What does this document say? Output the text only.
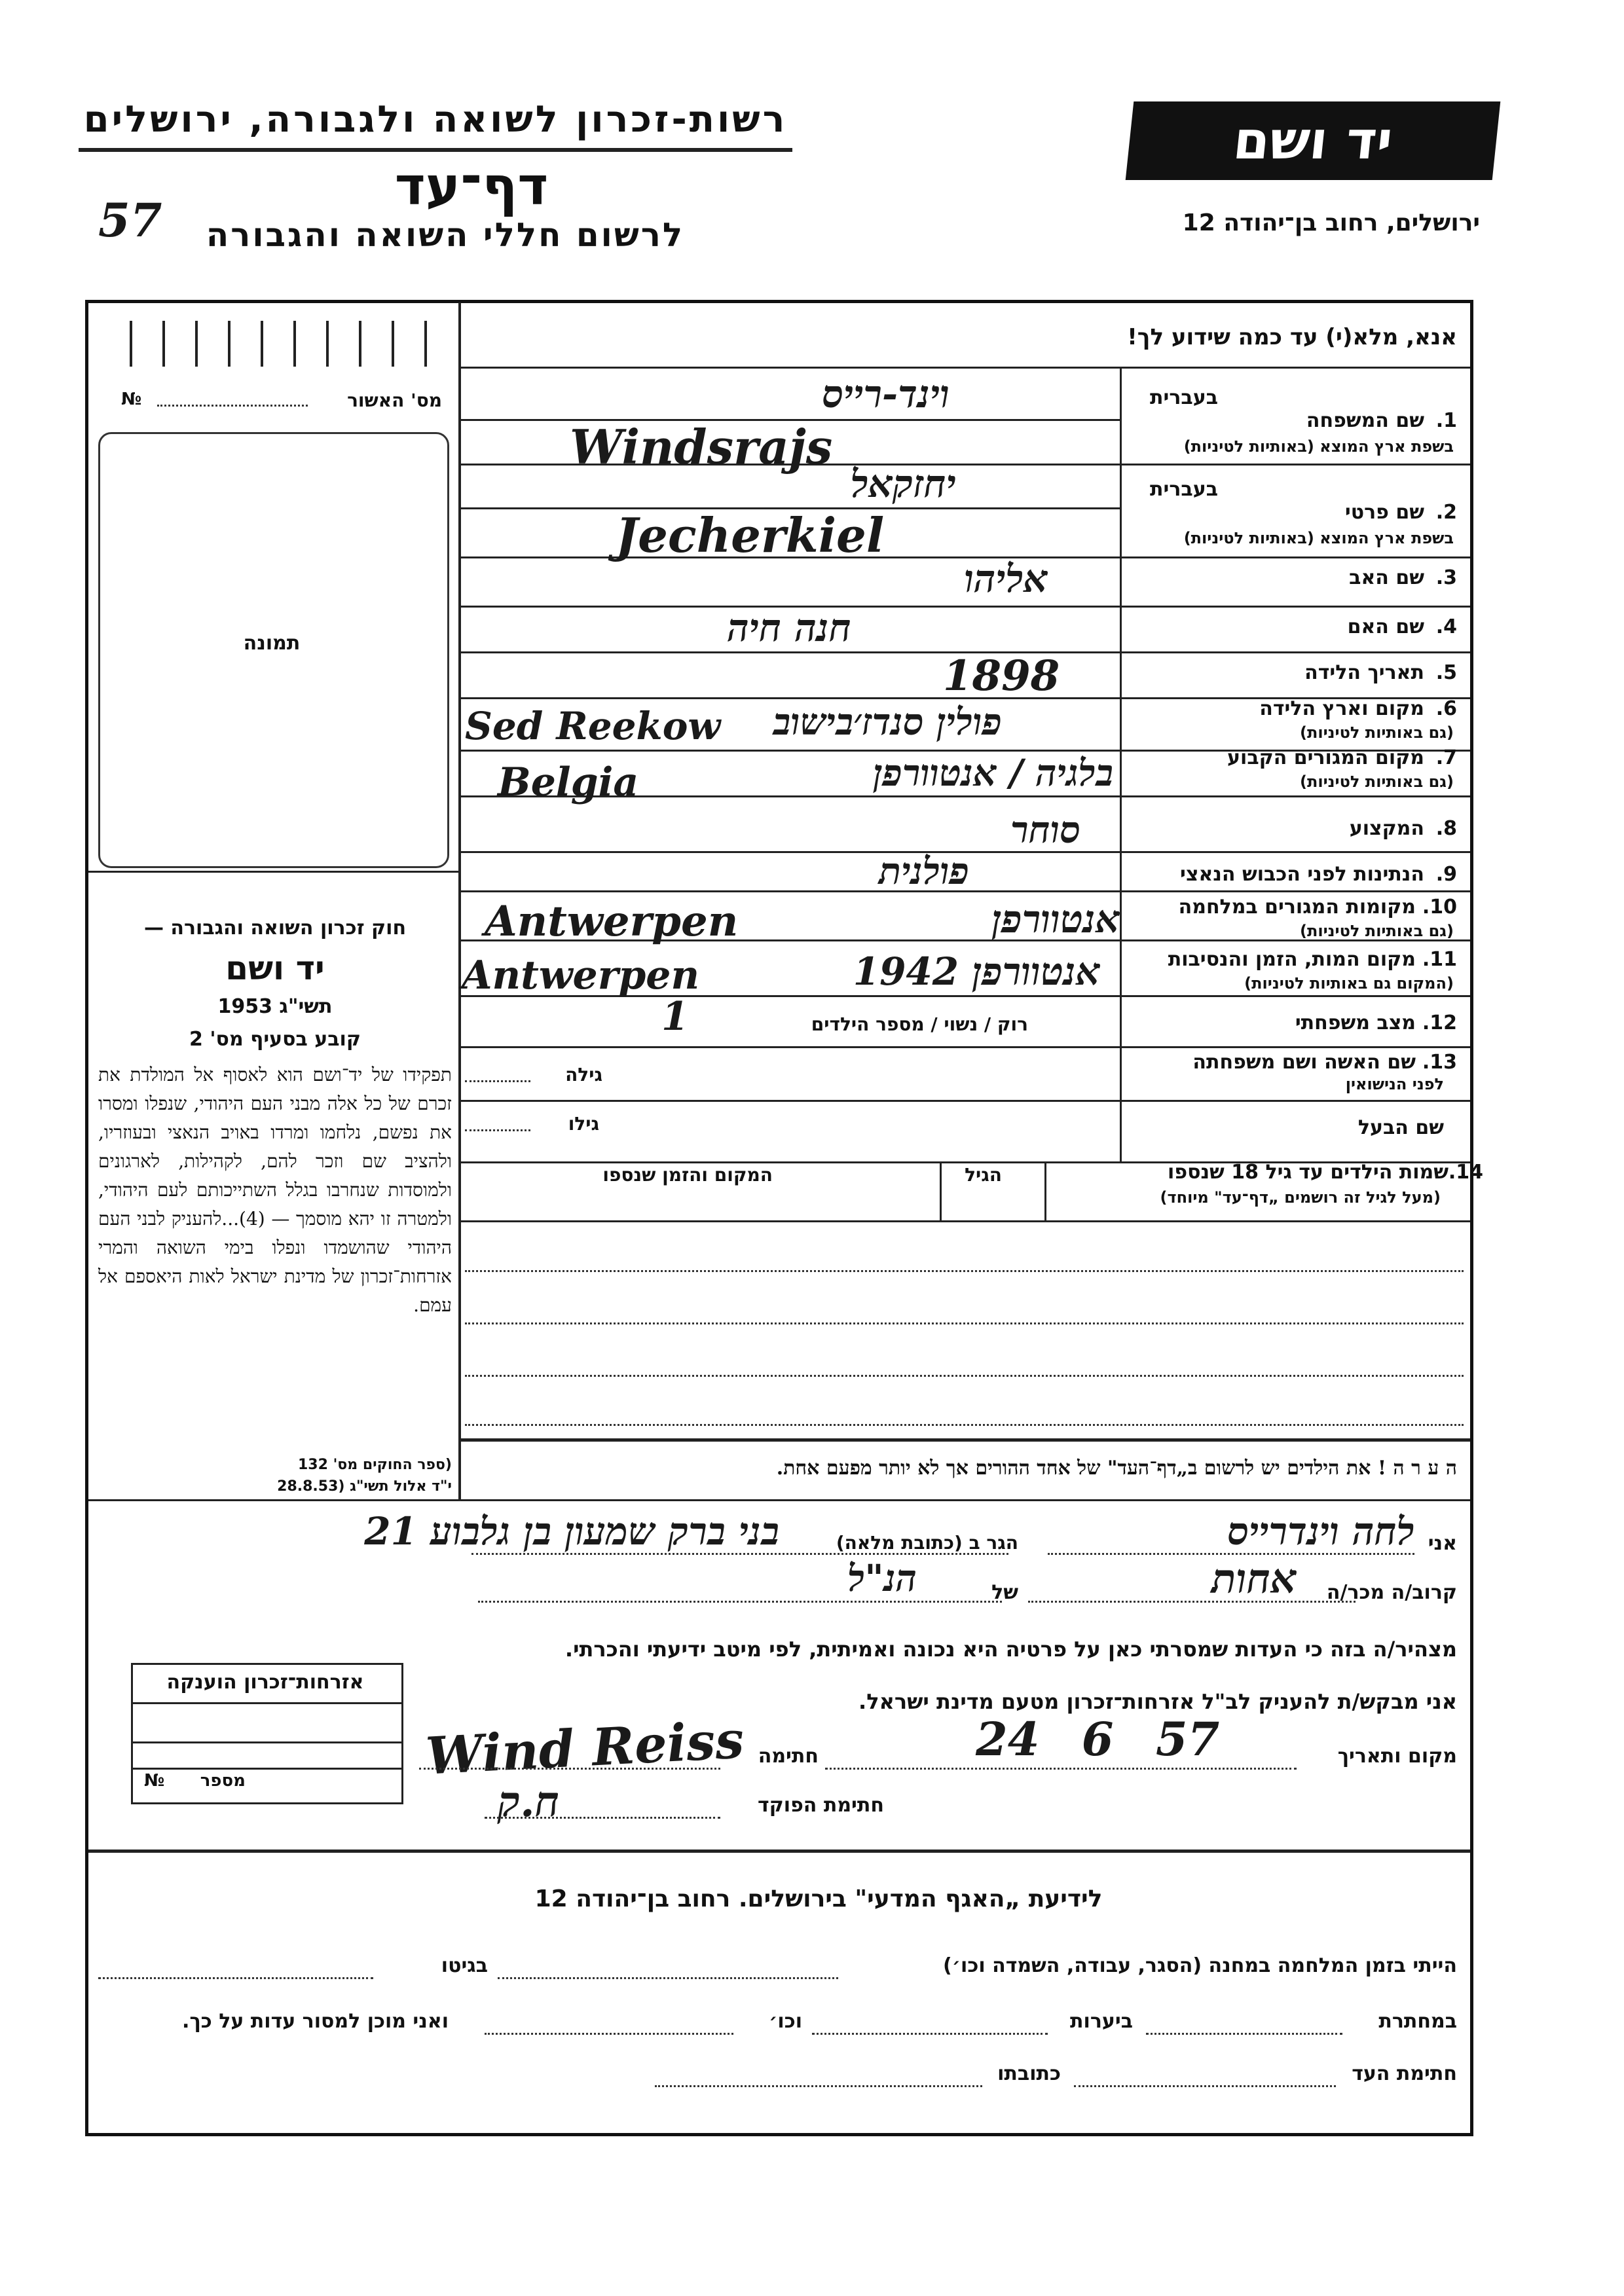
רשות-זכרון לשואה ולגבורה, ירושלים
דף־עד
לרשום חללי השואה והגבורה
57
יד ושם
ירושלים, רחוב בן־יהודה 12
אנא, מלא(י) עד כמה שידוע לך!
מס' האשור
№
תמונה
בעברית
1.
שם המשפחה
בשפת ארץ המוצא (באותיות לטיניות)
וינד-רייס
Windsrajs
בעברית
2.
שם פרטי
בשפת ארץ המוצא (באותיות לטיניות)
יחזקאל
Jecherkiel
3.
שם האב
אליהו
4.
שם האם
חנה חיה
5.
תאריך הלידה
1898
6.
מקום וארץ הלידה
(גם באותיות לטיניות)
פולין סנדז׳בישוב
Sed Reekow
7.
מקום המגורים הקבוע
(גם באותיות לטיניות)
בלגיה / אנטוורפן
Belgia
8.
המקצוע
סוחר
9.
הנתינות לפני הכבוש הנאצי
פולנית
10.
מקומות המגורים במלחמה
(גם באותיות לטיניות)
אנטוורפן
Antwerpen
11.
מקום המות, הזמן והנסיבות
(המקום גם באותיות לטיניות)
אנטוורפן 1942
Antwerpen
12.
מצב משפחתי
רוק / נשוי / מספר הילדים
1
13.
שם האשה ושם משפחתה
לפני הנישואין
גילה
שם הבעל
גילו
14.
שמות הילדים עד גיל 18 שנספו
(מעל לגיל זה רושמים „דף־עד" מיוחד)
הגיל
המקום והזמן שנספו
חוק זכרון השואה והגבורה —
יד ושם
תשי"ג 1953
קובע בסעיף מס' 2
תפקידו של יד־ושם הוא לאסוף אל המולדת את זכרם של כל אלה מבני העם היהודי, שנפלו ומסרו את נפשם, נלחמו ומרדו באויב הנאצי ובעוזריו, ולהציב שם וזכר להם, לקהילות, לארגונים ולמוסדות שנחרבו בגלל השתייכותם לעם היהודי, ולמטרה זו יהא מוסמך — (4)...להעניק לבני העם היהודי שהושמדו ונפלו בימי השואה והמרי אזרחות־זכרון של מדינת ישראל לאות היאספם אל עמם.
(ספר החוקים מס' 132
י"ד אלול תשי"ג (28.8.53
ה ע ר ה ! את הילדים יש לרשום ב„דף־העד" של אחד ההורים אך לא יותר מפעם אחת.
אני
לחה וינדרייס
הגר ב (כתובת מלאה)
בני ברק שמעון בן גלבוע 21
קרוב/ה מכר/ה
אחות
של
הנ"ל
מצהיר/ה בזה כי העדות שמסרתי כאן על פרטיה היא נכונה ואמיתית, לפי מיטב ידיעתי והכרתי.
אני מבקש/ת להעניק לב"ל אזרחות־זכרון מטעם מדינת ישראל.
מקום ותאריך
24 6 57
חתימה
Wind Reiss
חתימת הפוקד
ח.ק
אזרחות־זכרון הוענקה
מספר
№
לידיעת „האגף המדעי" בירושלים. רחוב בן־יהודה 12
הייתי בזמן המלחמה במחנה (הסגר, עבודה, השמדה וכו׳)
בגיטו
במחתרת
ביערות
וכו׳
ואני מוכן למסור עדות על כך.
חתימת העד
כתובתו
